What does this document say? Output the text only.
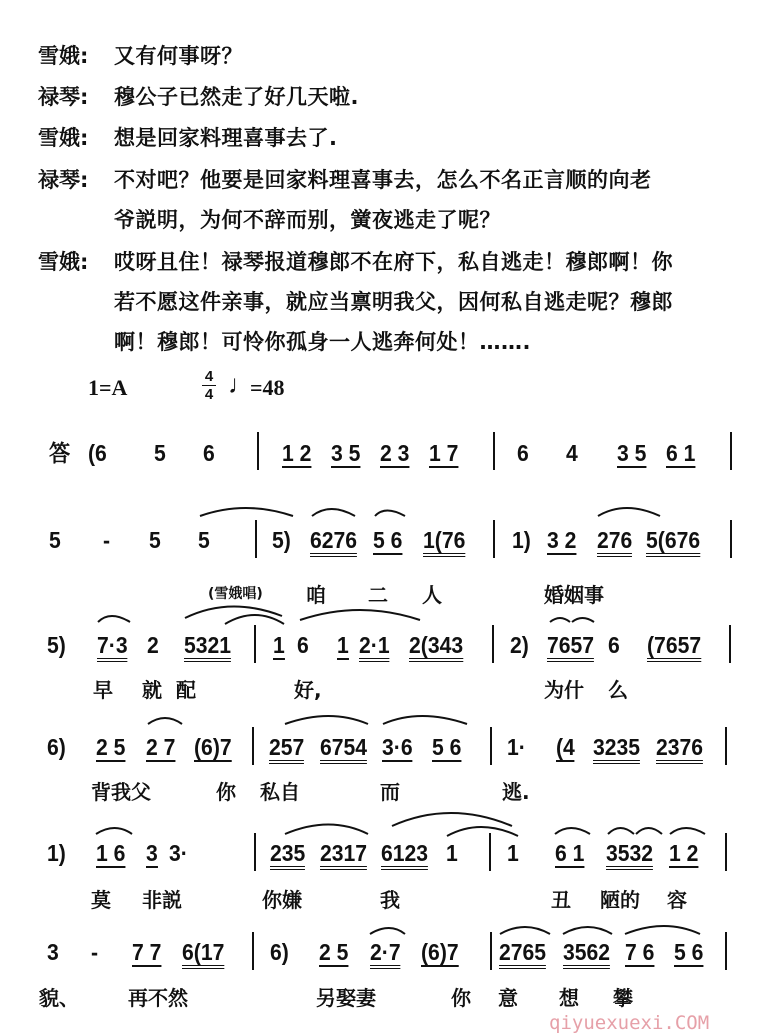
雪娥: 又有何事呀？
禄琴: 穆公子已然走了好几天啦.
雪娥: 想是回家料理喜事去了.
禄琴: 不对吧？他要是回家料理喜事去，怎么不名正言顺的向老
爷説明，为何不辞而别，黉夜逃走了呢？
雪娥: 哎呀且住！禄琴报道穆郎不在府下，私自逃走！穆郎啊！你
若不愿这件亲事，就应当禀明我父，因何私自逃走呢？穆郎
啊！穆郎！可怜你孤身一人逃奔何处！…….
1=A	$\frac{4}{4}$ ♩
=48
答 (6 5 6	1 2 3 5 2 3 1 7	6 4 3 5 6 1
5 - 5 5	5) 6276 5 6 1(76 1) 3 2 276 5(676
(雪娥唱) 咱 二 人	婚姻事
5) 7·3 2 5321 1 6 1 2·1 2(343 2) 7657 6 (7657
早 就 配	好,	为什 么
6) 2 5 2 7 (6)7 257 6754 3·6 5 6 1· (4 3235 2376
背我父	你 私自	而	逃.
1) 1 6 3 3·	235 2317 6123 1 1 6 1 3532 1 2
莫 非説	你嫌	我	丑 陋的 容
3 - 7 7 6(17 6) 2 5 2·7 (6)7 2765 3562 7 6 5 6
貌、 再不然	另娶妻	你 意 想 攀
qiyuexuexi.COM
